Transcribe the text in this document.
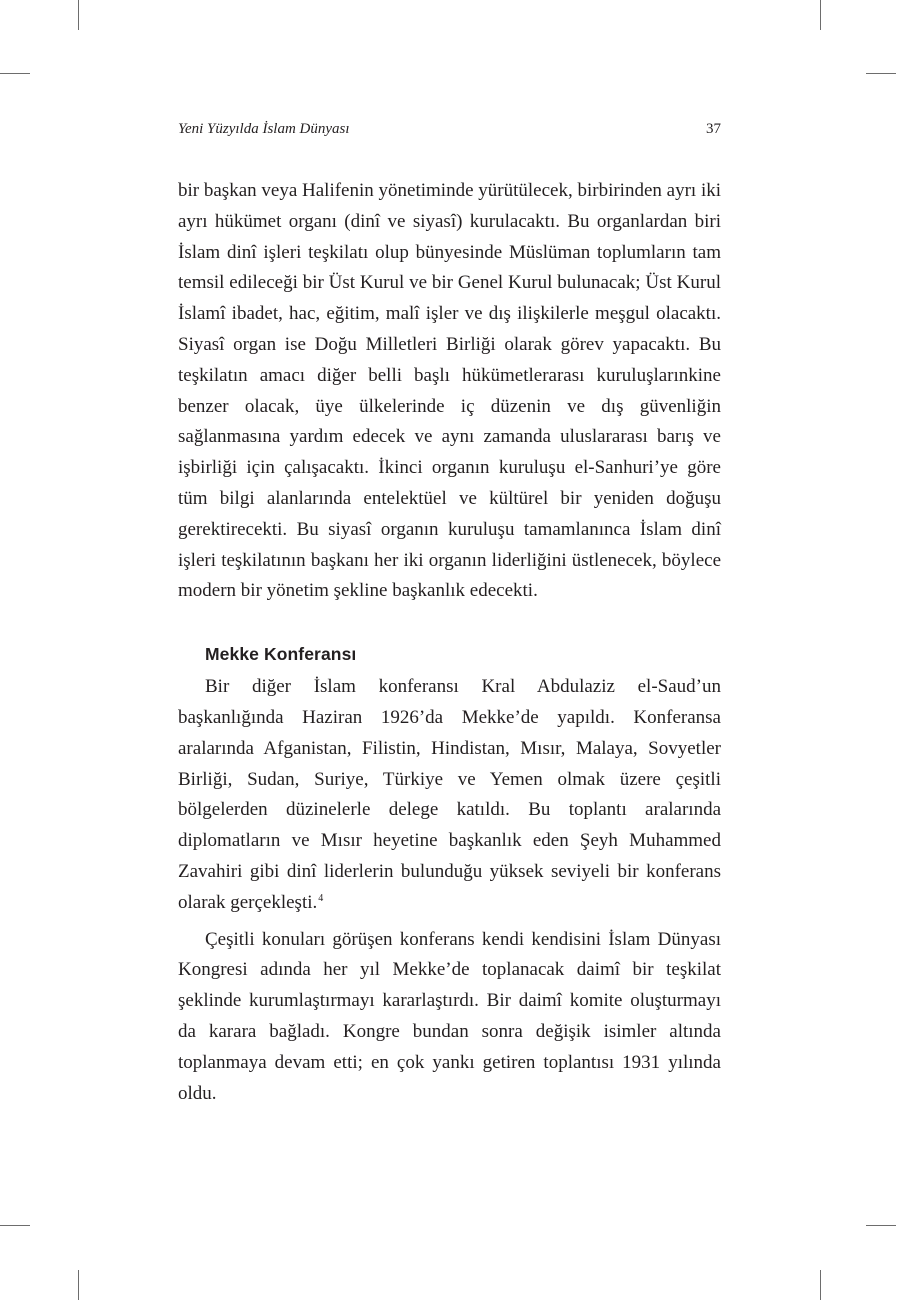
Yeni Yüzyılda İslam Dünyası	37

bir başkan veya Halifenin yönetiminde yürütülecek, birbirinden ayrı iki ayrı hükümet organı (dinî ve siyasî) kurulacaktı. Bu organlardan biri İslam dinî işleri teşkilatı olup bünyesinde Müslüman toplumların tam temsil edileceği bir Üst Kurul ve bir Genel Kurul bulunacak; Üst Kurul İslamî ibadet, hac, eğitim, malî işler ve dış ilişkilerle meşgul olacaktı. Siyasî organ ise Doğu Milletleri Birliği olarak görev yapacaktı. Bu teşkilatın amacı diğer belli başlı hükümetlerarası kuruluşlarınkine benzer olacak, üye ülkelerinde iç düzenin ve dış güvenliğin sağlanmasına yardım edecek ve aynı zamanda uluslararası barış ve işbirliği için çalışacaktı. İkinci organın kuruluşu el-Sanhuri’ye göre tüm bilgi alanlarında entelektüel ve kültürel bir yeniden doğuşu gerektirecekti. Bu siyasî organın kuruluşu tamamlanınca İslam dinî işleri teşkilatının başkanı her iki organın liderliğini üstlenecek, böylece modern bir yönetim şekline başkanlık edecekti.

Mekke Konferansı

Bir diğer İslam konferansı Kral Abdulaziz el-Saud’un başkanlığında Haziran 1926’da Mekke’de yapıldı. Konferansa aralarında Afganistan, Filistin, Hindistan, Mısır, Malaya, Sovyetler Birliği, Sudan, Suriye, Türkiye ve Yemen olmak üzere çeşitli bölgelerden düzinelerle delege katıldı. Bu toplantı aralarında diplomatların ve Mısır heyetine başkanlık eden Şeyh Muhammed Zavahiri gibi dinî liderlerin bulunduğu yüksek seviyeli bir konferans olarak gerçekleşti.$^4$

Çeşitli konuları görüşen konferans kendi kendisini İslam Dünyası Kongresi adında her yıl Mekke’de toplanacak daimî bir teşkilat şeklinde kurumlaştırmayı kararlaştırdı. Bir daimî komite oluşturmayı da karara bağladı. Kongre bundan sonra değişik isimler altında toplanmaya devam etti; en çok yankı getiren toplantısı 1931 yılında oldu.
